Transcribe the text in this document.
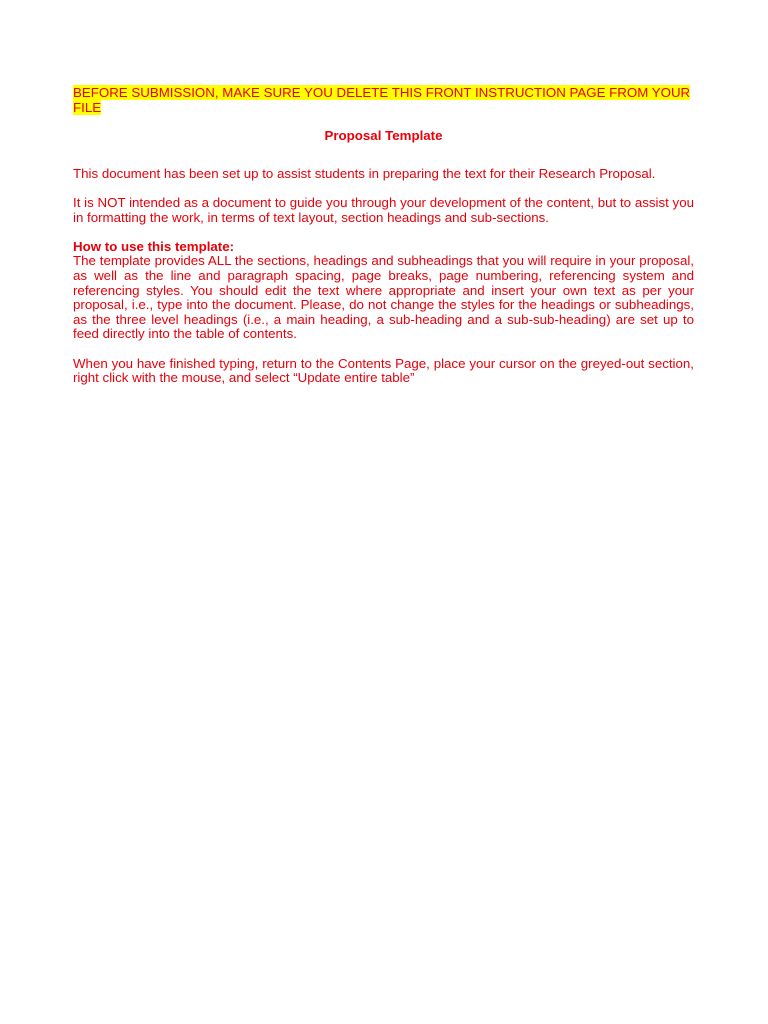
BEFORE SUBMISSION, MAKE SURE YOU DELETE THIS FRONT INSTRUCTION PAGE FROM YOUR FILE

Proposal Template

This document has been set up to assist students in preparing the text for their Research Proposal.

It is NOT intended as a document to guide you through your development of the content, but to assist you in formatting the work, in terms of text layout, section headings and sub-sections.

How to use this template:

The template provides ALL the sections, headings and subheadings that you will require in your proposal, as well as the line and paragraph spacing, page breaks, page numbering, referencing system and referencing styles. You should edit the text where appropriate and insert your own text as per your proposal, i.e., type into the document. Please, do not change the styles for the headings or subheadings, as the three level headings (i.e., a main heading, a sub-heading and a sub-sub-heading) are set up to feed directly into the table of contents.

When you have finished typing, return to the Contents Page, place your cursor on the greyed-out section, right click with the mouse, and select “Update entire table”
